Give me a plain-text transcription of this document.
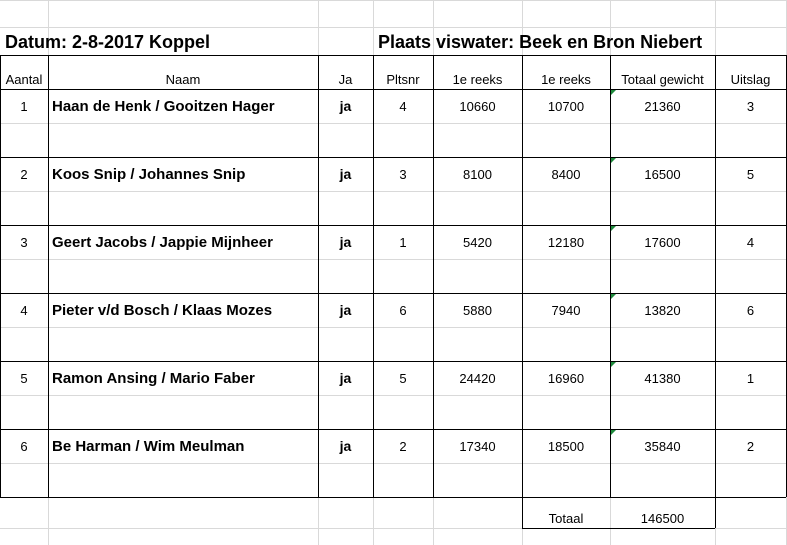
Datum: 2-8-2017 Koppel	Plaats viswater: Beek en Bron Niebert
Aantal	Naam	Ja	Pltsnr	1e reeks	1e reeks	Totaal gewicht	Uitslag
1	Haan de Henk / Gooitzen Hager	ja	4	10660	10700	21360	3
2	Koos Snip / Johannes Snip	ja	3	8100	8400	16500	5
3	Geert Jacobs / Jappie Mijnheer	ja	1	5420	12180	17600	4
4	Pieter v/d Bosch / Klaas Mozes	ja	6	5880	7940	13820	6
5	Ramon Ansing / Mario Faber	ja	5	24420	16960	41380	1
6	Be Harman / Wim Meulman	ja	2	17340	18500	35840	2
Totaal	146500
